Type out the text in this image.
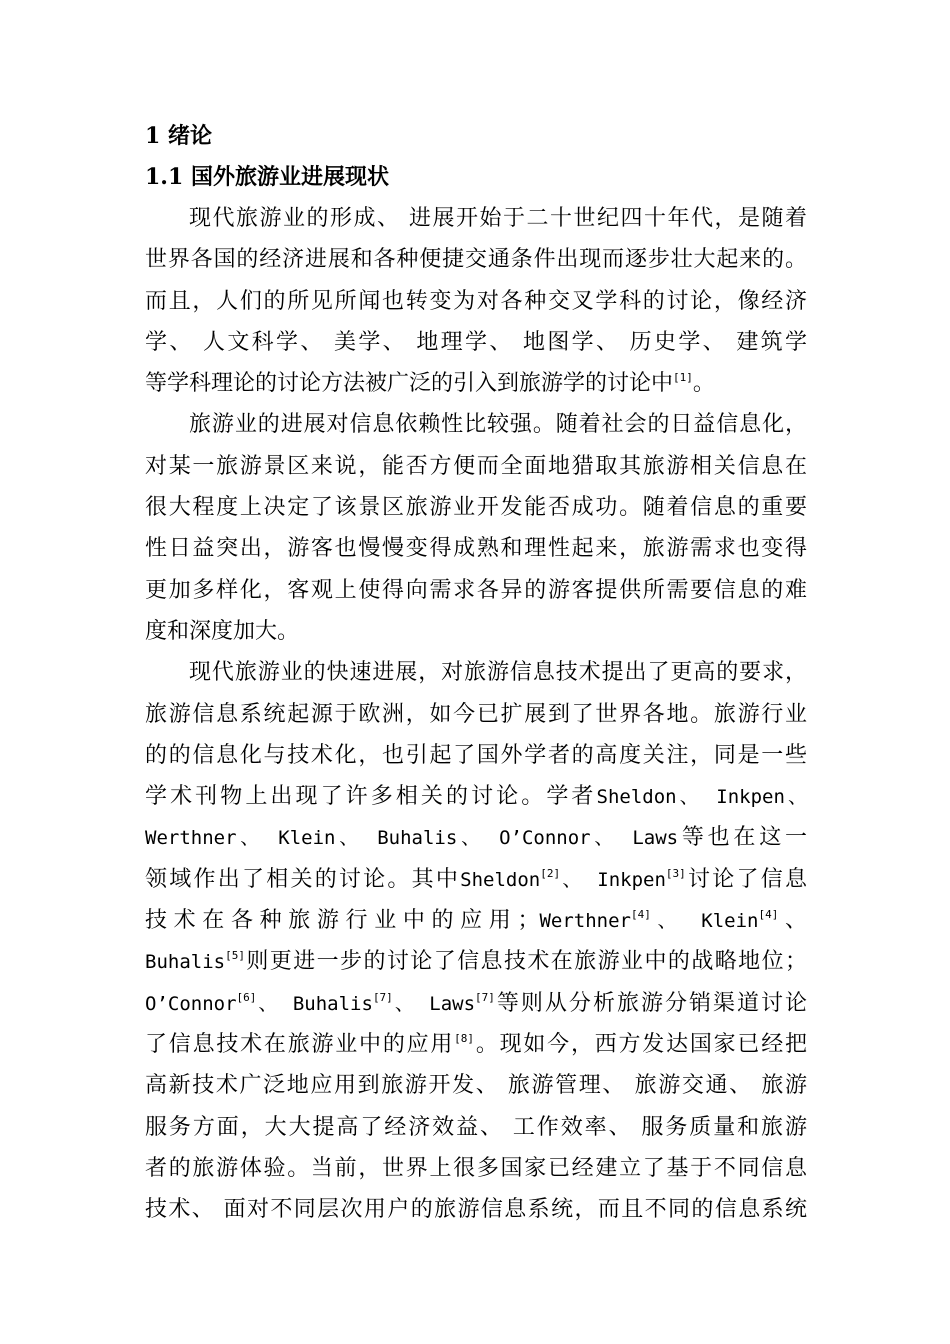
1 绪论
1.1 国外旅游业进展现状
现代旅游业的形成、 进展开始于二十世纪四十年代，是随着
世界各国的经济进展和各种便捷交通条件出现而逐步壮大起来的。
而且，人们的所见所闻也转变为对各种交叉学科的讨论，像经济
学、 人文科学、 美学、 地理学、 地图学、 历史学、 建筑学
等学科理论的讨论方法被广泛的引入到旅游学的讨论中[1]。
旅游业的进展对信息依赖性比较强。随着社会的日益信息化，
对某一旅游景区来说，能否方便而全面地猎取其旅游相关信息在
很大程度上决定了该景区旅游业开发能否成功。随着信息的重要
性日益突出，游客也慢慢变得成熟和理性起来，旅游需求也变得
更加多样化，客观上使得向需求各异的游客提供所需要信息的难
度和深度加大。
现代旅游业的快速进展，对旅游信息技术提出了更高的要求，
旅游信息系统起源于欧洲，如今已扩展到了世界各地。旅游行业
的的信息化与技术化，也引起了国外学者的高度关注，同是一些
学术刊物上出现了许多相关的讨论。学者Sheldon、 Inkpen、
Werthner、 Klein、 Buhalis、 O’Connor、 Laws等也在这一
领域作出了相关的讨论。其中Sheldon[2]、 Inkpen[3]讨论了信息
技术在各种旅游行业中的应用；Werthner[4]、 Klein[4]、
Buhalis[5]则更进一步的讨论了信息技术在旅游业中的战略地位；
O’Connor[6]、 Buhalis[7]、 Laws[7]等则从分析旅游分销渠道讨论
了信息技术在旅游业中的应用[8]。现如今，西方发达国家已经把
高新技术广泛地应用到旅游开发、 旅游管理、 旅游交通、 旅游
服务方面，大大提高了经济效益、 工作效率、 服务质量和旅游
者的旅游体验。当前，世界上很多国家已经建立了基于不同信息
技术、 面对不同层次用户的旅游信息系统，而且不同的信息系统
